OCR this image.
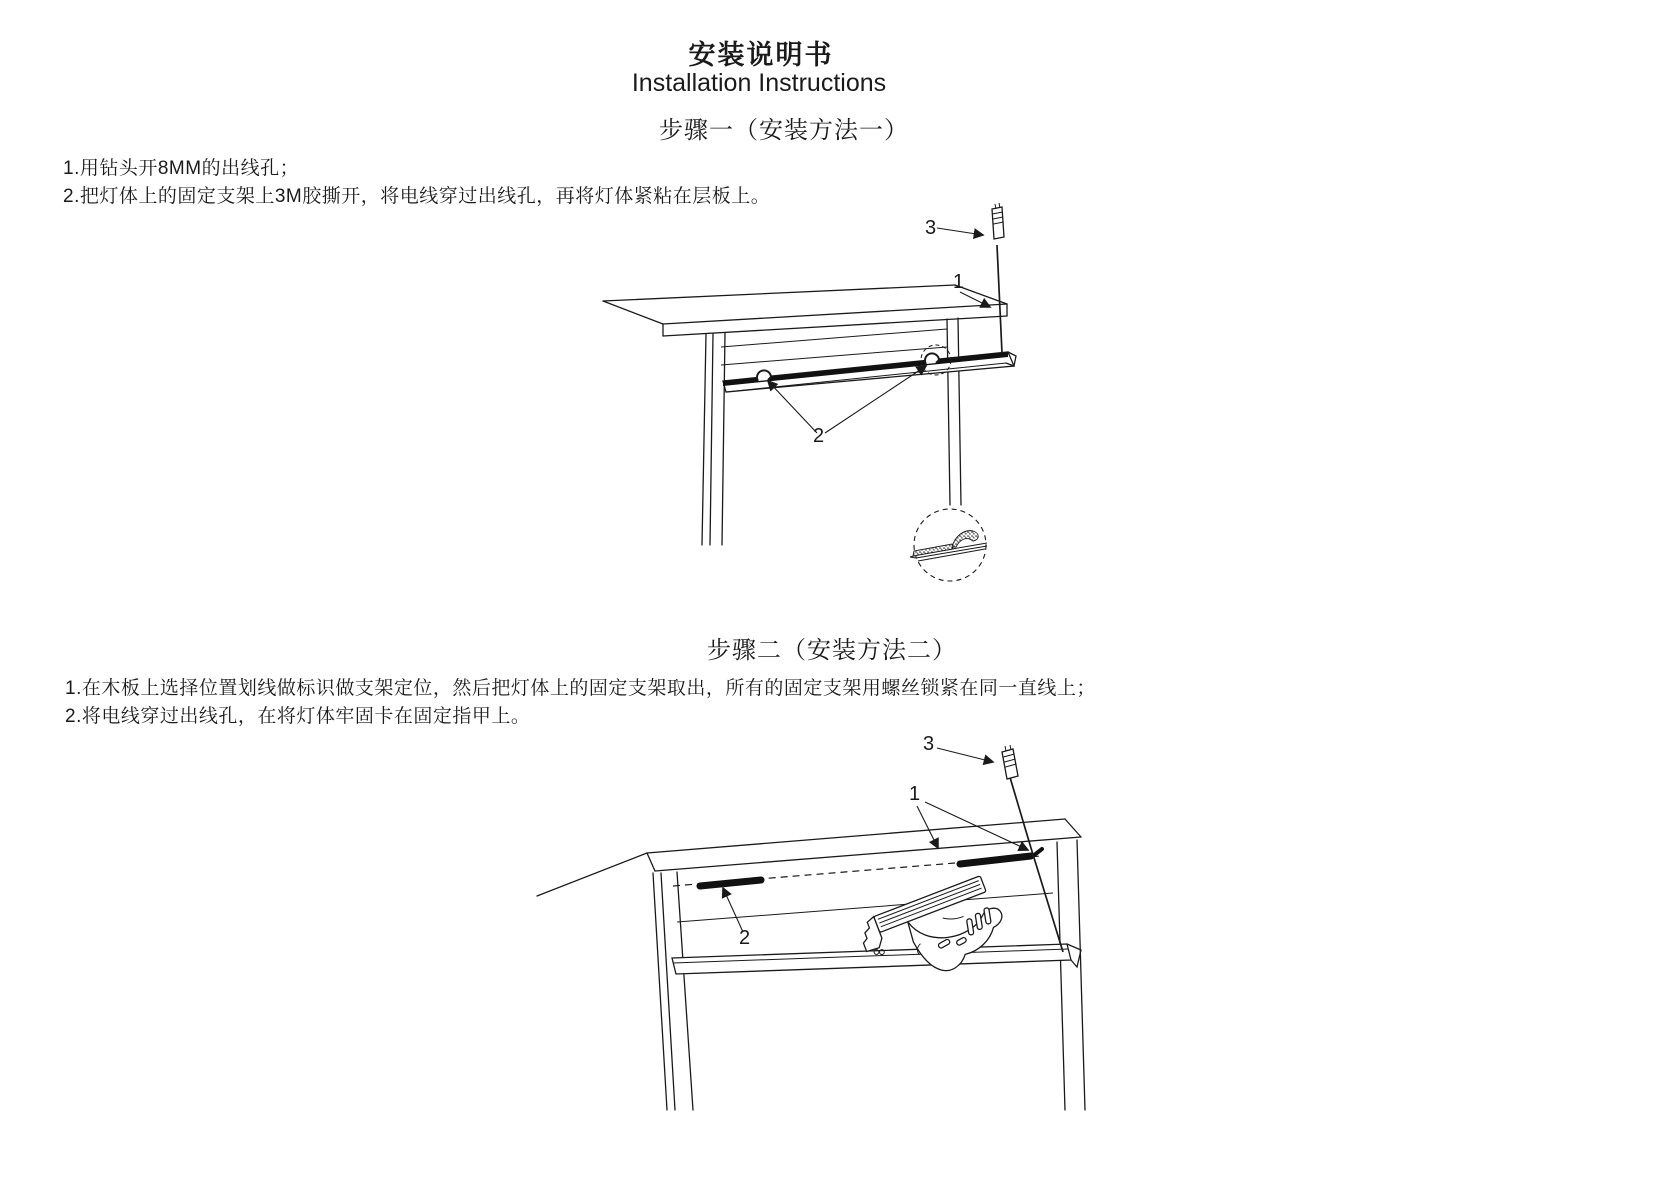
安装说明书
Installation Instructions
步骤一（安装方法一）
1.用钻头开8MM的出线孔；
2.把灯体上的固定支架上3M胶撕开，将电线穿过出线孔，再将灯体紧粘在层板上。
3
1
2
步骤二（安装方法二）
1.在木板上选择位置划线做标识做支架定位，然后把灯体上的固定支架取出，所有的固定支架用螺丝锁紧在同一直线上；
2.将电线穿过出线孔，在将灯体牢固卡在固定指甲上。
3
1
2
